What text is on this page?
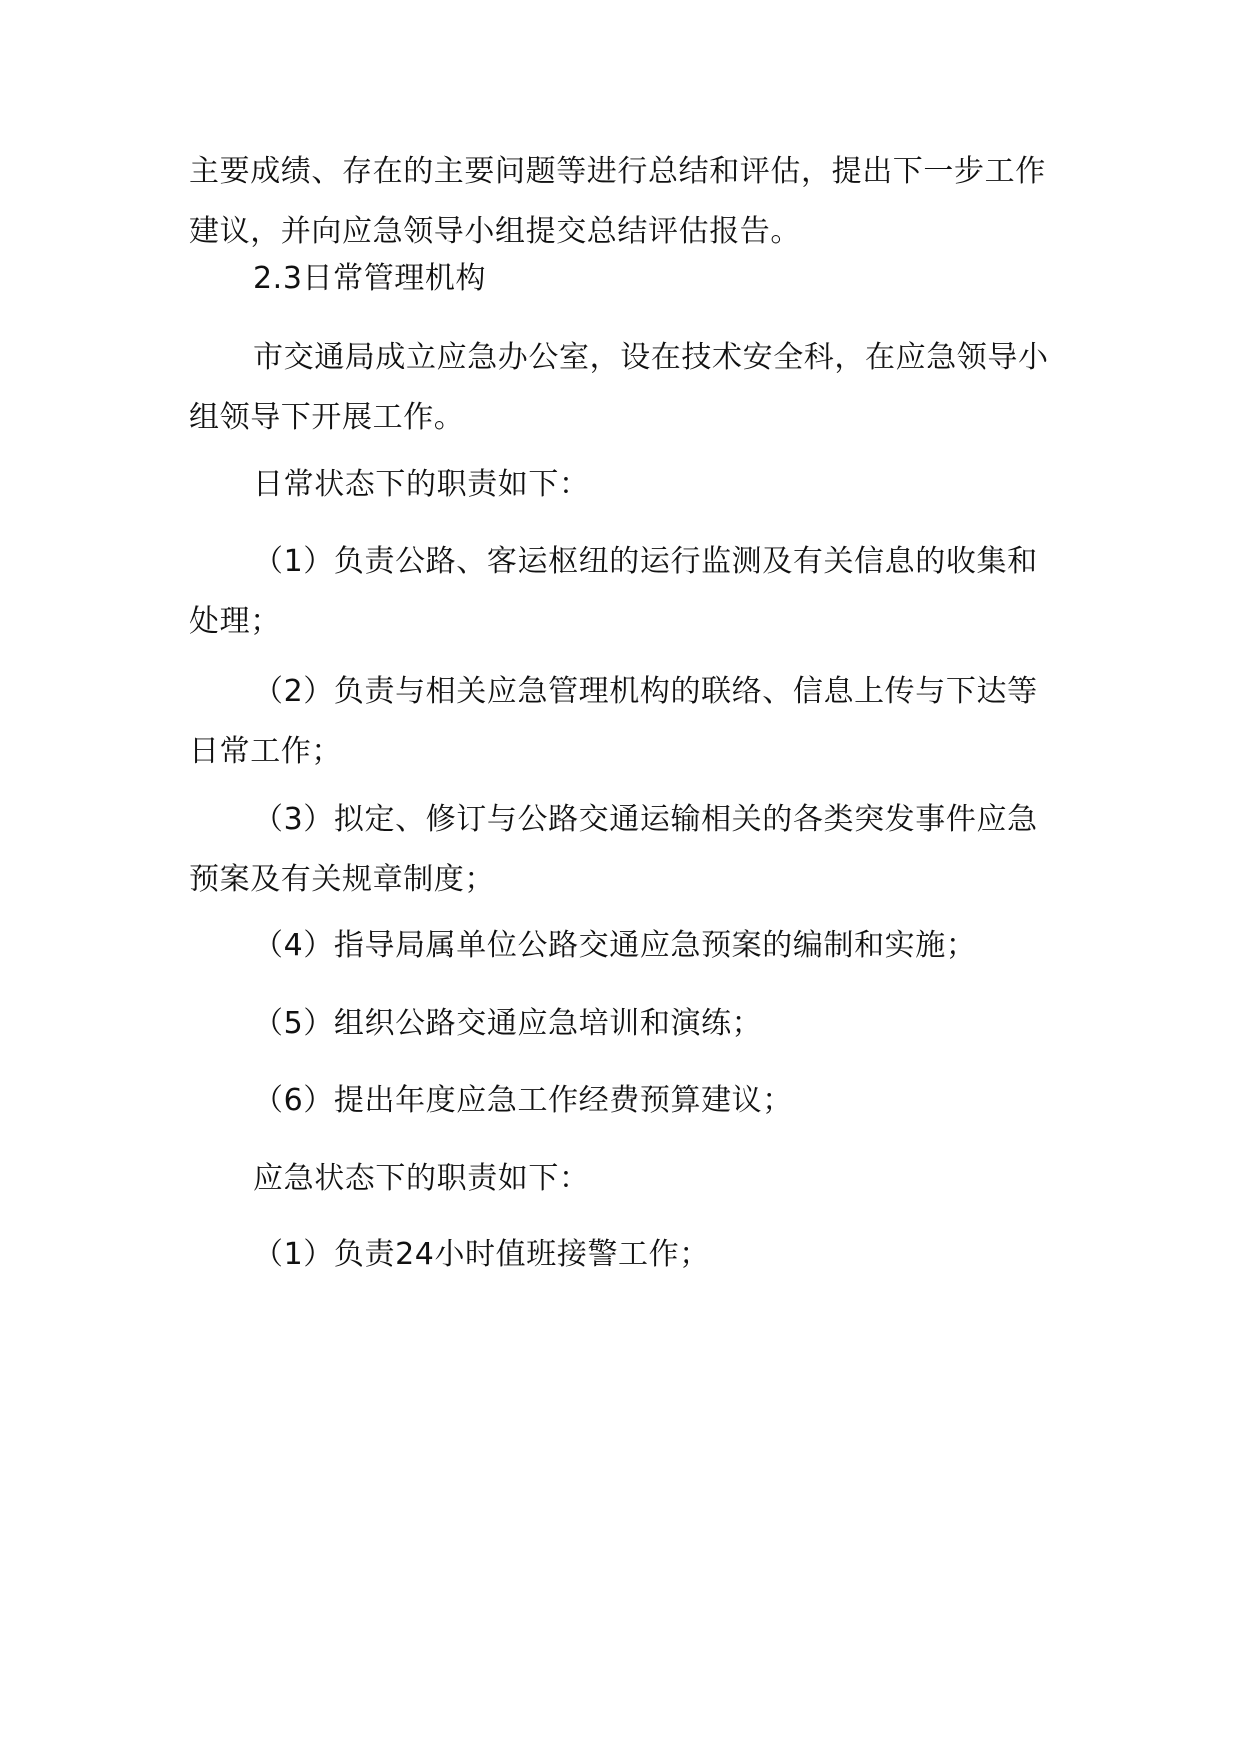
主要成绩、存在的主要问题等进行总结和评估，提出下一步工作建议，并向应急领导小组提交总结评估报告。

2.3日常管理机构

市交通局成立应急办公室，设在技术安全科，在应急领导小组领导下开展工作。

日常状态下的职责如下：

（1）负责公路、客运枢纽的运行监测及有关信息的收集和处理；

（2）负责与相关应急管理机构的联络、信息上传与下达等日常工作；

（3）拟定、修订与公路交通运输相关的各类突发事件应急预案及有关规章制度；

（4）指导局属单位公路交通应急预案的编制和实施；

（5）组织公路交通应急培训和演练；

（6）提出年度应急工作经费预算建议；

应急状态下的职责如下：

（1）负责24小时值班接警工作；
